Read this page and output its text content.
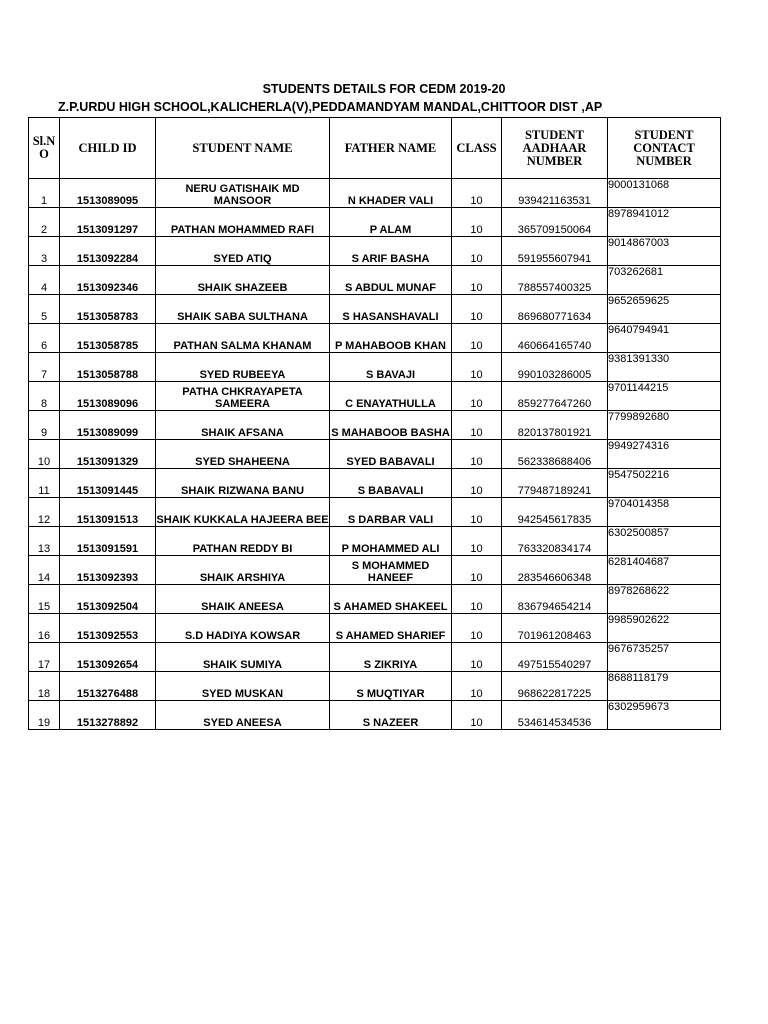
STUDENTS DETAILS FOR CEDM 2019-20
Z.P.URDU HIGH SCHOOL,KALICHERLA(V),PEDDAMANDYAM MANDAL,CHITTOOR DIST ,AP
Sl.N O	CHILD ID	STUDENT NAME	FATHER NAME	CLASS	STUDENT AADHAAR NUMBER	STUDENT CONTACT NUMBER
1	1513089095	NERU GATISHAIK MD MANSOOR	N KHADER VALI	10	939421163531	9000131068
2	1513091297	PATHAN MOHAMMED RAFI	P ALAM	10	365709150064	8978941012
3	1513092284	SYED ATIQ	S ARIF BASHA	10	591955607941	9014867003
4	1513092346	SHAIK SHAZEEB	S ABDUL MUNAF	10	788557400325	703262681
5	1513058783	SHAIK SABA SULTHANA	S HASANSHAVALI	10	869680771634	9652659625
6	1513058785	PATHAN SALMA KHANAM	P MAHABOOB KHAN	10	460664165740	9640794941
7	1513058788	SYED RUBEEYA	S BAVAJI	10	990103286005	9381391330
8	1513089096	PATHA CHKRAYAPETA SAMEERA	C ENAYATHULLA	10	859277647260	9701144215
9	1513089099	SHAIK AFSANA	S MAHABOOB BASHA	10	820137801921	7799892680
10	1513091329	SYED SHAHEENA	SYED BABAVALI	10	562338688406	9949274316
11	1513091445	SHAIK RIZWANA BANU	S BABAVALI	10	779487189241	9547502216
12	1513091513	SHAIK KUKKALA HAJEERA BEE	S DARBAR VALI	10	942545617835	9704014358
13	1513091591	PATHAN REDDY BI	P MOHAMMED ALI	10	763320834174	6302500857
14	1513092393	SHAIK ARSHIYA	S MOHAMMED HANEEF	10	283546606348	6281404687
15	1513092504	SHAIK ANEESA	S AHAMED SHAKEEL	10	836794654214	8978268622
16	1513092553	S.D HADIYA KOWSAR	S AHAMED SHARIEF	10	701961208463	9985902622
17	1513092654	SHAIK SUMIYA	S ZIKRIYA	10	497515540297	9676735257
18	1513276488	SYED MUSKAN	S MUQTIYAR	10	968622817225	8688118179
19	1513278892	SYED ANEESA	S NAZEER	10	534614534536	6302959673
